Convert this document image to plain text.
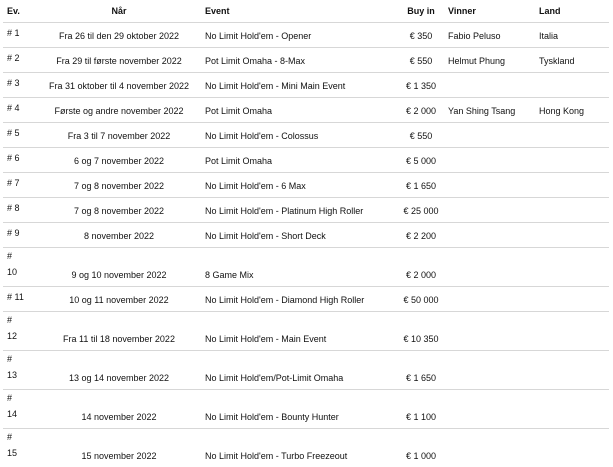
Ev.	Når	Event	Buy in	Vinner	Land
# 1	Fra 26 til den 29 oktober 2022	No Limit Hold'em - Opener	€ 350	Fabio Peluso	Italia
# 2	Fra 29 til første november 2022	Pot Limit Omaha - 8-Max	€ 550	Helmut Phung	Tyskland
# 3	Fra 31 oktober til 4 november 2022	No Limit Hold'em - Mini Main Event	€ 1 350		
# 4	Første og andre november 2022	Pot Limit Omaha	€ 2 000	Yan Shing Tsang	Hong Kong
# 5	Fra 3 til 7 november 2022	No Limit Hold'em - Colossus	€ 550		
# 6	6 og 7 november 2022	Pot Limit Omaha	€ 5 000		
# 7	7 og 8 november 2022	No Limit Hold'em - 6 Max	€ 1 650		
# 8	7 og 8 november 2022	No Limit Hold'em - Platinum High Roller	€ 25 000		
# 9	8 november 2022	No Limit Hold'em - Short Deck	€ 2 200		

#
10	9 og 10 november 2022	8 Game Mix	€ 2 000		
# 11	10 og 11 november 2022	No Limit Hold'em - Diamond High Roller	€ 50 000		

#
12	Fra 11 til 18 november 2022	No Limit Hold'em - Main Event	€ 10 350		

#
13	13 og 14 november 2022	No Limit Hold'em/Pot-Limit Omaha	€ 1 650		

#
14	14 november 2022	No Limit Hold'em - Bounty Hunter	€ 1 100		

#
15	15 november 2022	No Limit Hold'em - Turbo Freezeout	€ 1 000		
